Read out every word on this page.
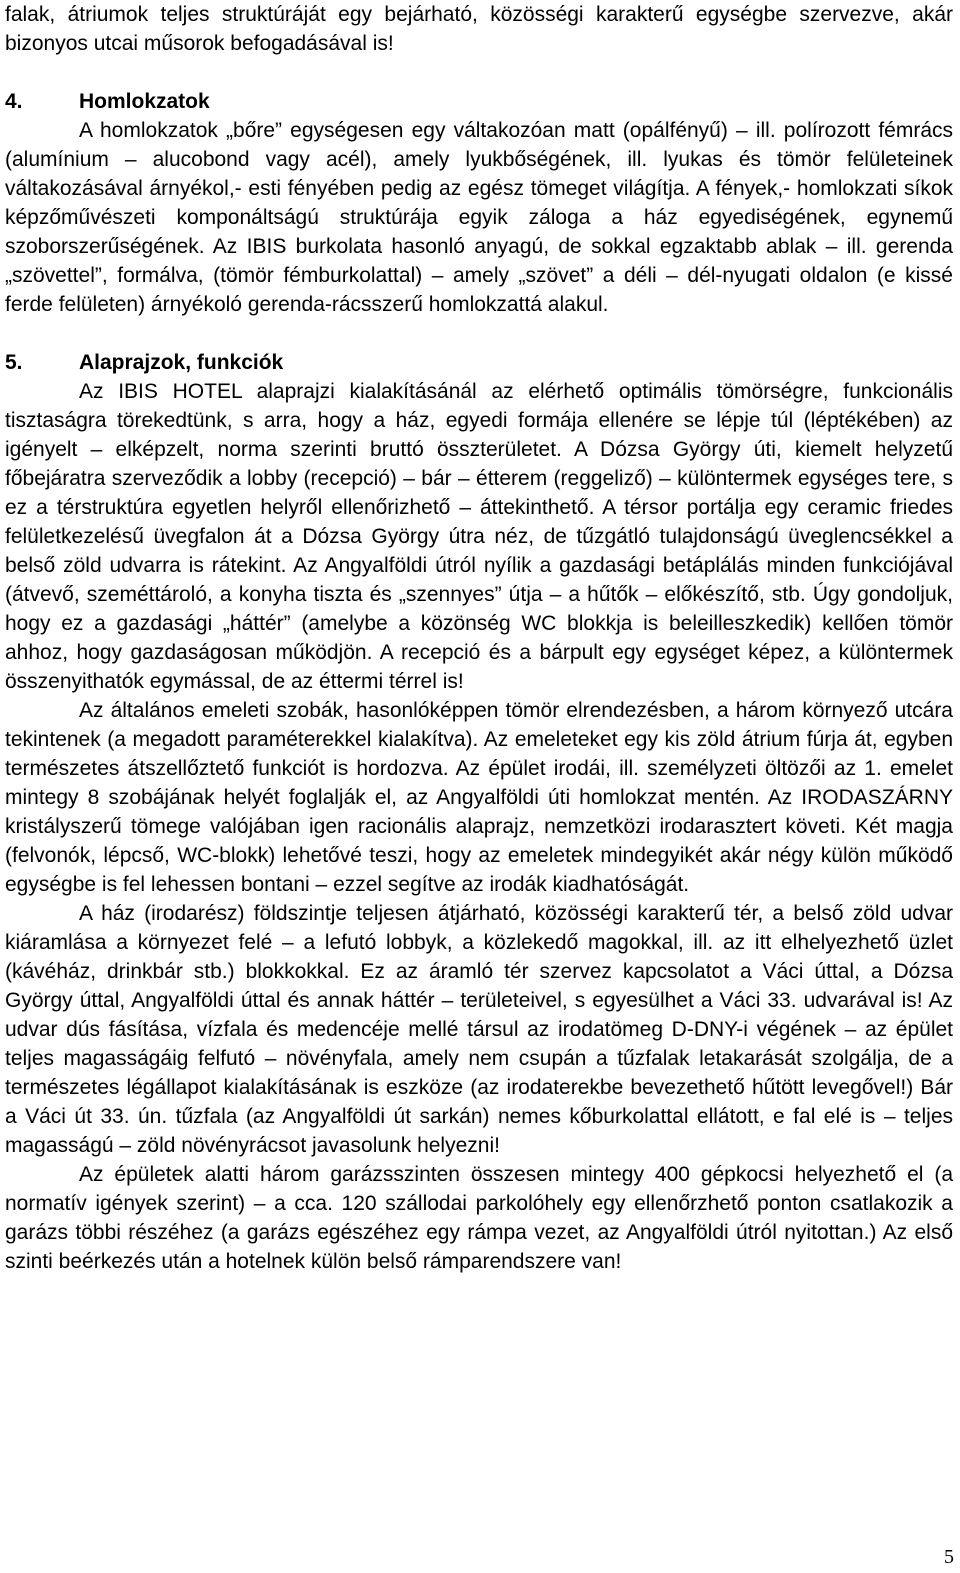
falak, átriumok teljes struktúráját egy bejárható, közösségi karakterű egységbe szervezve, akár bizonyos utcai műsorok befogadásával is!

4.	Homlokzatok

A homlokzatok „bőre” egységesen egy váltakozóan matt (opálfényű) – ill. polírozott fémrács (alumínium – alucobond vagy acél), amely lyukbőségének, ill. lyukas és tömör felületeinek váltakozásával árnyékol,- esti fényében pedig az egész tömeget világítja. A fények,- homlokzati síkok képzőművészeti komponáltságú struktúrája egyik záloga a ház egyediségének, egynemű szoborszerűségének. Az IBIS burkolata hasonló anyagú, de sokkal egzaktabb ablak – ill. gerenda „szövettel”, formálva, (tömör fémburkolattal) – amely „szövet” a déli – dél-nyugati oldalon (e kissé ferde felületen) árnyékoló gerenda-rácsszerű homlokzattá alakul.

5.	Alaprajzok, funkciók

Az IBIS HOTEL alaprajzi kialakításánál az elérhető optimális tömörségre, funkcionális tisztaságra törekedtünk, s arra, hogy a ház, egyedi formája ellenére se lépje túl (léptékében) az igényelt – elképzelt, norma szerinti bruttó összterületet. A Dózsa György úti, kiemelt helyzetű főbejáratra szerveződik a lobby (recepció) – bár – étterem (reggeliző) – különtermek egységes tere, s ez a térstruktúra egyetlen helyről ellenőrizhető – áttekinthető. A térsor portálja egy ceramic friedes felületkezelésű üvegfalon át a Dózsa György útra néz, de tűzgátló tulajdonságú üveglencsékkel a belső zöld udvarra is rátekint. Az Angyalföldi útról nyílik a gazdasági betáplálás minden funkciójával (átvevő, szeméttároló, a konyha tiszta és „szennyes” útja – a hűtők – előkészítő, stb. Úgy gondoljuk, hogy ez a gazdasági „háttér” (amelybe a közönség WC blokkja is beleilleszkedik) kellően tömör ahhoz, hogy gazdaságosan működjön. A recepció és a bárpult egy egységet képez, a különtermek összenyithatók egymással, de az éttermi térrel is!

Az általános emeleti szobák, hasonlóképpen tömör elrendezésben, a három környező utcára tekintenek (a megadott paraméterekkel kialakítva). Az emeleteket egy kis zöld átrium fúrja át, egyben természetes átszellőztető funkciót is hordozva. Az épület irodái, ill. személyzeti öltözői az 1. emelet mintegy 8 szobájának helyét foglalják el, az Angyalföldi úti homlokzat mentén. Az IRODASZÁRNY kristályszerű tömege valójában igen racionális alaprajz, nemzetközi irodarasztert követi. Két magja (felvonók, lépcső, WC-blokk) lehetővé teszi, hogy az emeletek mindegyikét akár négy külön működő egységbe is fel lehessen bontani – ezzel segítve az irodák kiadhatóságát.

A ház (irodarész) földszintje teljesen átjárható, közösségi karakterű tér, a belső zöld udvar kiáramlása a környezet felé – a lefutó lobbyk, a közlekedő magokkal, ill. az itt elhelyezhető üzlet (kávéház, drinkbár stb.) blokkokkal. Ez az áramló tér szervez kapcsolatot a Váci úttal, a Dózsa György úttal, Angyalföldi úttal és annak háttér – területeivel, s egyesülhet a Váci 33. udvarával is! Az udvar dús fásítása, vízfala és medencéje mellé társul az irodatömeg D-DNY-i végének – az épület teljes magasságáig felfutó – növényfala, amely nem csupán a tűzfalak letakarását szolgálja, de a természetes légállapot kialakításának is eszköze (az irodaterekbe bevezethető hűtött levegővel!) Bár a Váci út 33. ún. tűzfala (az Angyalföldi út sarkán) nemes kőburkolattal ellátott, e fal elé is – teljes magasságú – zöld növényrácsot javasolunk helyezni!

Az épületek alatti három garázsszinten összesen mintegy 400 gépkocsi helyezhető el (a normatív igények szerint) – a cca. 120 szállodai parkolóhely egy ellenőrzhető ponton csatlakozik a garázs többi részéhez (a garázs egészéhez egy rámpa vezet, az Angyalföldi útról nyitottan.) Az első szinti beérkezés után a hotelnek külön belső rámparendszere van!

5
